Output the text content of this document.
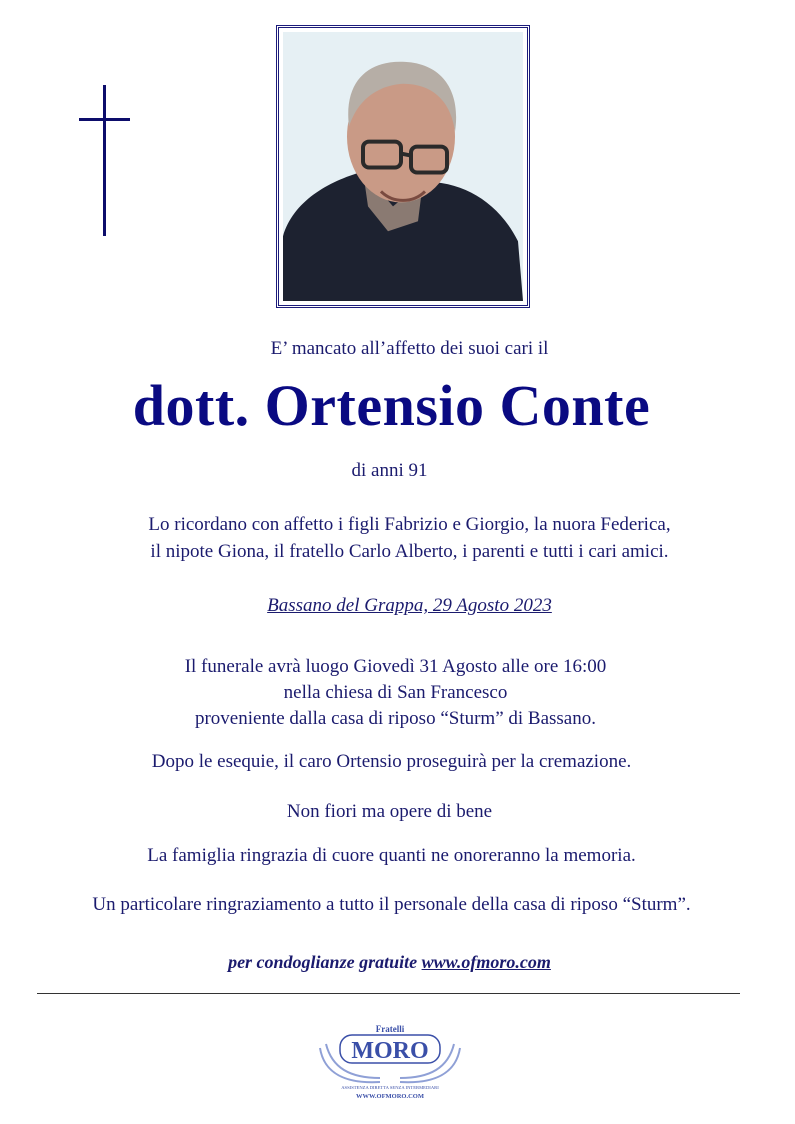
E’ mancato all’affetto dei suoi cari il
dott. Ortensio Conte
di anni 91
Lo ricordano con affetto i figli Fabrizio e Giorgio, la nuora Federica,
il nipote Giona, il fratello Carlo Alberto, i parenti e tutti i cari amici.
Bassano del Grappa, 29 Agosto 2023
Il funerale avrà luogo Giovedì 31 Agosto alle ore 16:00
nella chiesa di San Francesco
proveniente dalla casa di riposo “Sturm” di Bassano.
Dopo le esequie, il caro Ortensio proseguirà per la cremazione.
Non fiori ma opere di bene
La famiglia ringrazia di cuore quanti ne onoreranno la memoria.
Un particolare ringraziamento a tutto il personale della casa di riposo “Sturm”.
per condoglianze gratuite www.ofmoro.com
Fratelli
MORO
ASSISTENZA DIRETTA SENZA INTERMEDIARI
WWW.OFMORO.COM
